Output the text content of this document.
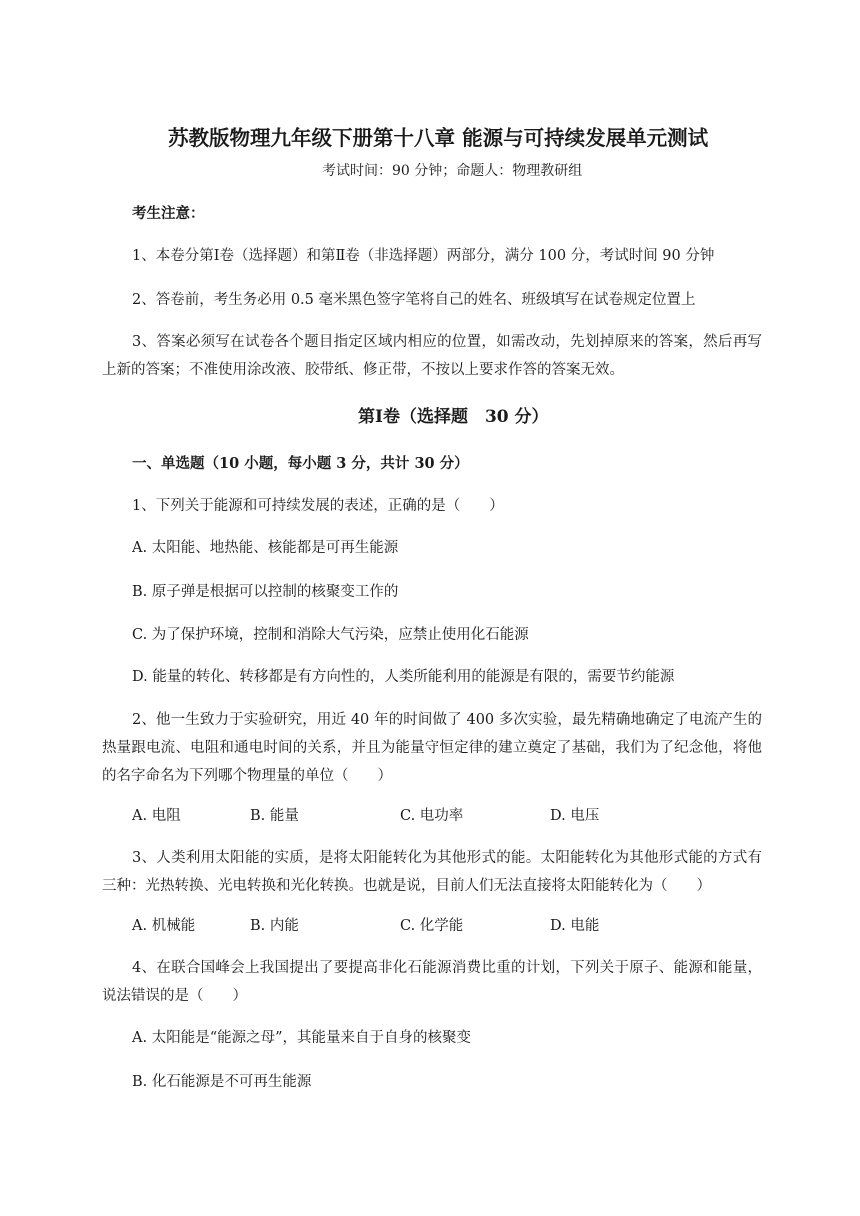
苏教版物理九年级下册第十八章 能源与可持续发展单元测试
考试时间：90 分钟；命题人：物理教研组
考生注意：
1、本卷分第Ⅰ卷（选择题）和第Ⅱ卷（非选择题）两部分，满分 100 分，考试时间 90 分钟
2、答卷前，考生务必用 0.5 毫米黑色签字笔将自己的姓名、班级填写在试卷规定位置上
3、答案必须写在试卷各个题目指定区域内相应的位置，如需改动，先划掉原来的答案，然后再写上新的答案；不准使用涂改液、胶带纸、修正带，不按以上要求作答的答案无效。
第Ⅰ卷（选择题　30 分）
一、单选题（10 小题，每小题 3 分，共计 30 分）
1、下列关于能源和可持续发展的表述，正确的是（　　）
A. 太阳能、地热能、核能都是可再生能源
B. 原子弹是根据可以控制的核聚变工作的
C. 为了保护环境，控制和消除大气污染，应禁止使用化石能源
D. 能量的转化、转移都是有方向性的，人类所能利用的能源是有限的，需要节约能源
2、他一生致力于实验研究，用近 40 年的时间做了 400 多次实验，最先精确地确定了电流产生的热量跟电流、电阻和通电时间的关系，并且为能量守恒定律的建立奠定了基础，我们为了纪念他，将他的名字命名为下列哪个物理量的单位（　　）
A. 电阻	B. 能量	C. 电功率	D. 电压
3、人类利用太阳能的实质，是将太阳能转化为其他形式的能。太阳能转化为其他形式能的方式有三种：光热转换、光电转换和光化转换。也就是说，目前人们无法直接将太阳能转化为（　　）
A. 机械能	B. 内能	C. 化学能	D. 电能
4、在联合国峰会上我国提出了要提高非化石能源消费比重的计划，下列关于原子、能源和能量，说法错误的是（　　）
A. 太阳能是“能源之母”，其能量来自于自身的核聚变
B. 化石能源是不可再生能源
